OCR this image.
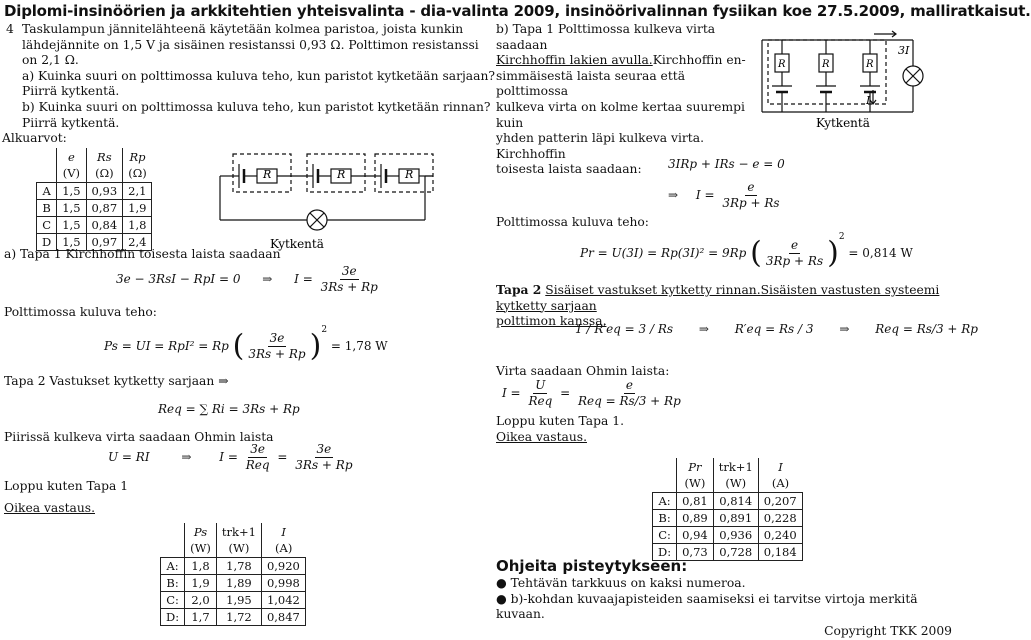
Diplomi-insinöörien ja arkkitehtien yhteisvalinta - dia-valinta 2009, insinöörivalinnan fysiikan koe 27.5.2009, malliratkaisut.
4 Taskulampun jännitelähteenä käytetään kolmea paristoa, joista kunkin
lähdejännite on 1,5 V ja sisäinen resistanssi 0,93 Ω. Polttimon resistanssi
on 2,1 Ω.
a) Kuinka suuri on polttimossa kuluva teho, kun paristot kytketään sarjaan?
Piirrä kytkentä.
b) Kuinka suuri on polttimossa kuluva teho, kun paristot kytketään rinnan?
Piirrä kytkentä.
Alkuarvot:
	e	Rs	Rp
	(V)	(Ω)	(Ω)
A	1,5	0,93	2,1
B	1,5	0,87	1,9
C	1,5	0,84	1,8
D	1,5	0,97	2,4
R	R	R
Kytkentä
a) Tapa 1 Kirchhoffin toisesta laista saadaan
3e − 3RsI − RpI = 0 ⇒ $I = \frac{3e}{3Rs + Rp}$
Polttimossa kuluva teho:
Ps = UI = RpI² = Rp ( $\frac{3e}{3Rs + Rp} )^2 = 1,78$ W
Tapa 2 Vastukset kytketty sarjaan ⇒
Req = ∑ Ri = 3Rs + Rp
Piirissä kulkeva virta saadaan Ohmin laista
U = RI	⇒ $I = \frac{3e}{\text{Req}} = \frac{3e}{3Rs + Rp}$
Loppu kuten Tapa 1
Oikea vastaus.
	Ps	trk+1	I
	(W)	(W)	(A)
A:	1,8	1,78	0,920
B:	1,9	1,89	0,998
C:	2,0	1,95	1,042
D:	1,7	1,72	0,847
b) Tapa 1 Polttimossa kulkeva virta saadaan
Kirchhoffin lakien avulla.Kirchhoffin en-
simmäisestä laista seuraa että polttimossa
kulkeva virta on kolme kertaa suurempi kuin
yhden patterin läpi kulkeva virta. Kirchhoffin
toisesta laista saadaan:
R	R	R
3I
I
Kytkentä
3IRp + IRs − e = 0
⇒ $I = \frac{e}{3Rp + Rs}$
Polttimossa kuluva teho:
Pr = U(3I) = Rp(3I)² = 9Rp ( $\frac{e}{3Rp + Rs} )^2 = 0,814$ W
Tapa 2 Sisäiset vastukset kytketty rinnan.Sisäisten vastusten systeemi kytketty sarjaan
polttimon kanssa.
1 / R′eq = 3 / Rs ⇒ R′eq = Rs / 3 ⇒ Req = Rs/3 + Rp
Virta saadaan Ohmin laista:
$I = \frac{U}{\text{Req}} = \frac{e}{\text{Req = Rs/3 + Rp}}$
Loppu kuten Tapa 1.
Oikea vastaus.
	Pr	trk+1	I
	(W)	(W)	(A)
A:	0,81	0,814	0,207
B:	0,89	0,891	0,228
C:	0,94	0,936	0,240
D:	0,73	0,728	0,184
Ohjeita pisteytykseen:
● Tehtävän tarkkuus on kaksi numeroa.
● b)-kohdan kuvaajapisteiden saamiseksi ei tarvitse virtoja merkitä kuvaan.
Copyright TKK 2009
